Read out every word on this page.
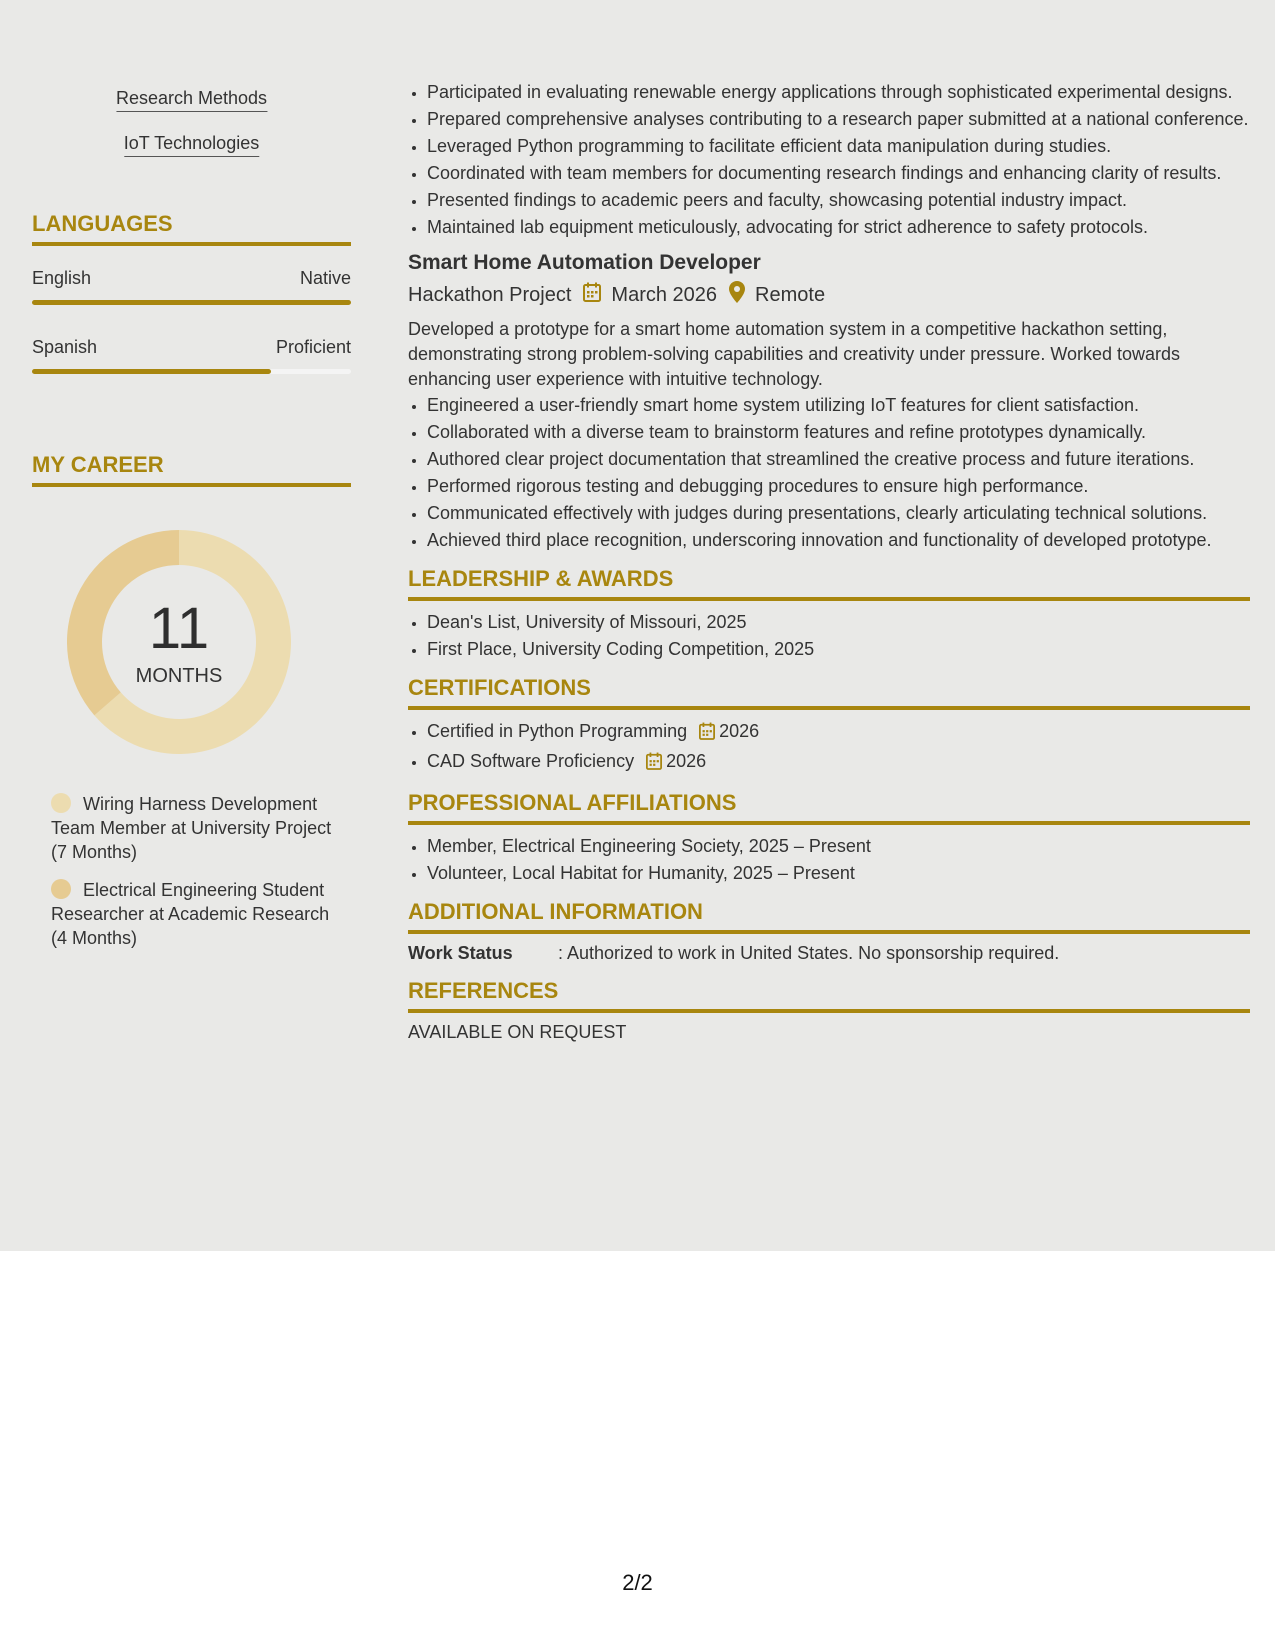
Research Methods
IoT Technologies
LANGUAGES
English	Native
Spanish	Proficient
MY CAREER
11
MONTHS
Wiring Harness Development Team Member at University Project (7 Months)
Electrical Engineering Student Researcher at Academic Research (4 Months)
• Participated in evaluating renewable energy applications through sophisticated experimental designs.
• Prepared comprehensive analyses contributing to a research paper submitted at a national conference.
• Leveraged Python programming to facilitate efficient data manipulation during studies.
• Coordinated with team members for documenting research findings and enhancing clarity of results.
• Presented findings to academic peers and faculty, showcasing potential industry impact.
• Maintained lab equipment meticulously, advocating for strict adherence to safety protocols.
Smart Home Automation Developer
Hackathon Project March 2026 Remote
Developed a prototype for a smart home automation system in a competitive hackathon setting, demonstrating strong problem-solving capabilities and creativity under pressure. Worked towards enhancing user experience with intuitive technology.
• Engineered a user-friendly smart home system utilizing IoT features for client satisfaction.
• Collaborated with a diverse team to brainstorm features and refine prototypes dynamically.
• Authored clear project documentation that streamlined the creative process and future iterations.
• Performed rigorous testing and debugging procedures to ensure high performance.
• Communicated effectively with judges during presentations, clearly articulating technical solutions.
• Achieved third place recognition, underscoring innovation and functionality of developed prototype.
LEADERSHIP & AWARDS
• Dean's List, University of Missouri, 2025
• First Place, University Coding Competition, 2025
CERTIFICATIONS
• Certified in Python Programming 2026
• CAD Software Proficiency 2026
PROFESSIONAL AFFILIATIONS
• Member, Electrical Engineering Society, 2025 – Present
• Volunteer, Local Habitat for Humanity, 2025 – Present
ADDITIONAL INFORMATION
Work Status	: Authorized to work in United States. No sponsorship required.
REFERENCES
AVAILABLE ON REQUEST
2/2
